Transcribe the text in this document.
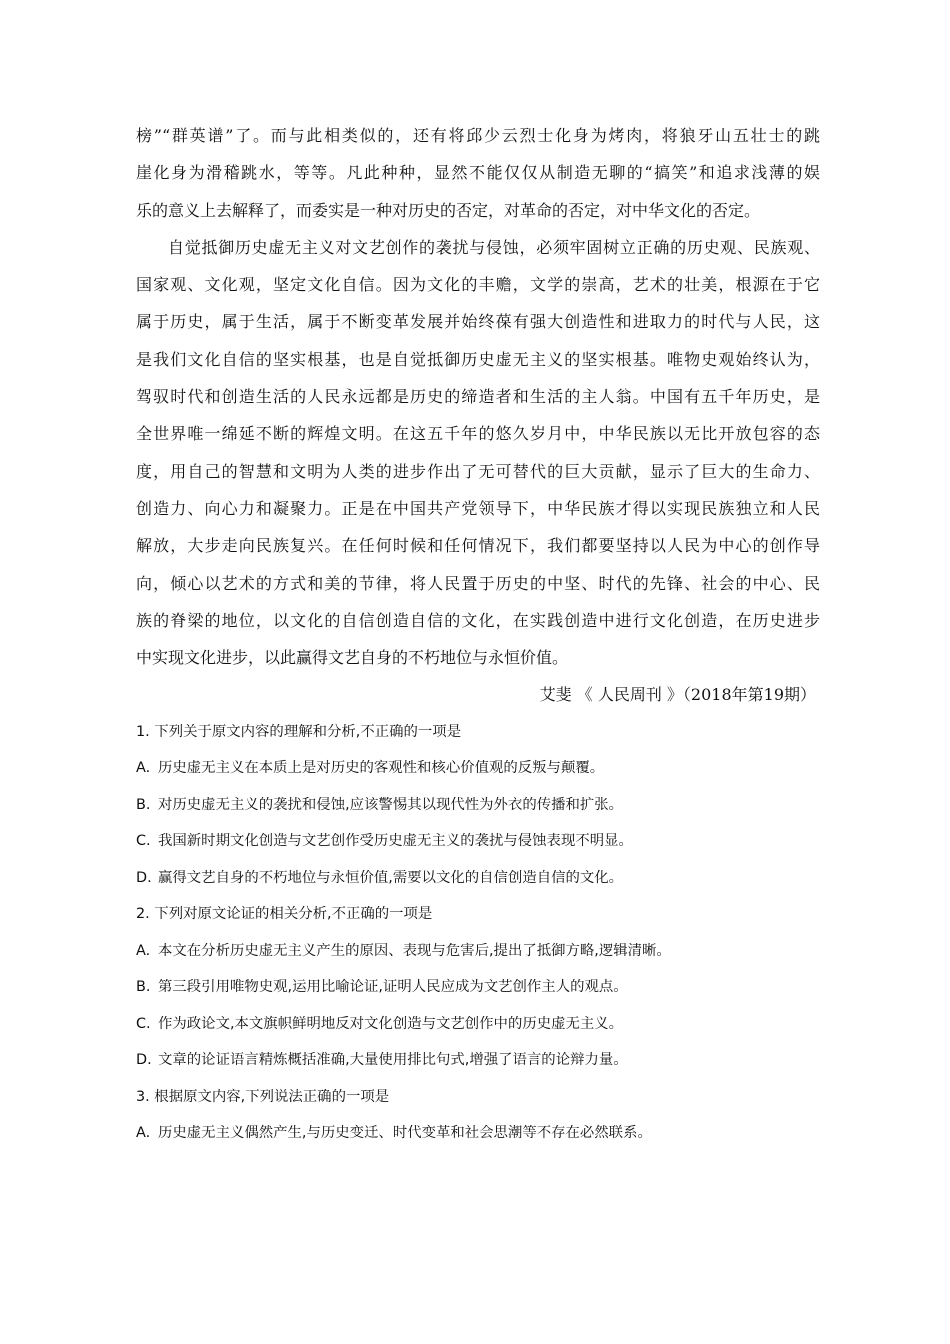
榜”“群英谱”了。而与此相类似的，还有将邱少云烈士化身为烤肉，将狼牙山五壮士的跳
崖化身为滑稽跳水，等等。凡此种种，显然不能仅仅从制造无聊的“搞笑”和追求浅薄的娱
乐的意义上去解释了，而委实是一种对历史的否定，对革命的否定，对中华文化的否定。
自觉抵御历史虚无主义对文艺创作的袭扰与侵蚀，必须牢固树立正确的历史观、民族观、
国家观、文化观，坚定文化自信。因为文化的丰赡，文学的崇高，艺术的壮美，根源在于它
属于历史，属于生活，属于不断变革发展并始终葆有强大创造性和进取力的时代与人民，这
是我们文化自信的坚实根基，也是自觉抵御历史虚无主义的坚实根基。唯物史观始终认为，
驾驭时代和创造生活的人民永远都是历史的缔造者和生活的主人翁。中国有五千年历史，是
全世界唯一绵延不断的辉煌文明。在这五千年的悠久岁月中，中华民族以无比开放包容的态
度，用自己的智慧和文明为人类的进步作出了无可替代的巨大贡献，显示了巨大的生命力、
创造力、向心力和凝聚力。正是在中国共产党领导下，中华民族才得以实现民族独立和人民
解放，大步走向民族复兴。在任何时候和任何情况下，我们都要坚持以人民为中心的创作导
向，倾心以艺术的方式和美的节律，将人民置于历史的中坚、时代的先锋、社会的中心、民
族的脊梁的地位，以文化的自信创造自信的文化，在实践创造中进行文化创造，在历史进步
中实现文化进步，以此赢得文艺自身的不朽地位与永恒价值。
艾斐 《 人民周刊 》（2018年第19期）
1. 下列关于原文内容的理解和分析,不正确的一项是
A. 历史虚无主义在本质上是对历史的客观性和核心价值观的反叛与颠覆。
B. 对历史虚无主义的袭扰和侵蚀,应该警惕其以现代性为外衣的传播和扩张。
C. 我国新时期文化创造与文艺创作受历史虚无主义的袭扰与侵蚀表现不明显。
D. 赢得文艺自身的不朽地位与永恒价值,需要以文化的自信创造自信的文化。
2. 下列对原文论证的相关分析,不正确的一项是
A. 本文在分析历史虚无主义产生的原因、表现与危害后,提出了抵御方略,逻辑清晰。
B. 第三段引用唯物史观,运用比喻论证,证明人民应成为文艺创作主人的观点。
C. 作为政论文,本文旗帜鲜明地反对文化创造与文艺创作中的历史虚无主义。
D. 文章的论证语言精炼概括准确,大量使用排比句式,增强了语言的论辩力量。
3. 根据原文内容,下列说法正确的一项是
A. 历史虚无主义偶然产生,与历史变迁、时代变革和社会思潮等不存在必然联系。
